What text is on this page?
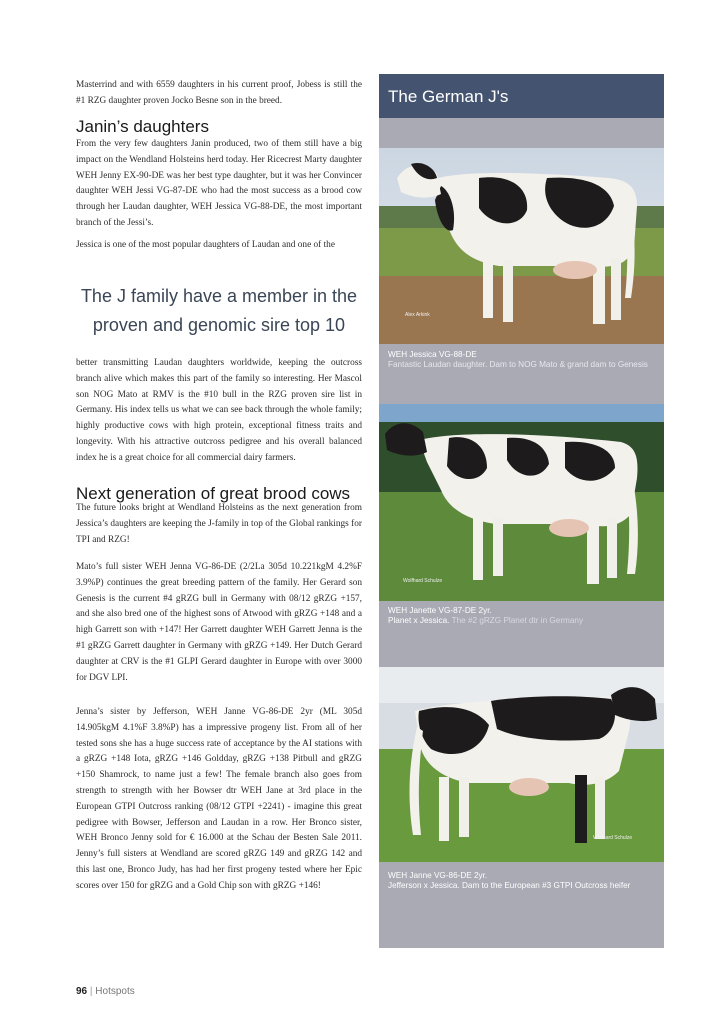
Masterrind and with 6559 daughters in his current proof, Jobess is still the #1 RZG daughter proven Jocko Besne son in the breed.

Janin’s daughters

From the very few daughters Janin produced, two of them still have a big impact on the Wendland Holsteins herd today. Her Ricecrest Marty daughter WEH Jenny EX-90-DE was her best type daughter, but it was her Convincer daughter WEH Jessi VG-87-DE who had the most success as a brood cow through her Laudan daughter, WEH Jessica VG-88-DE, the most important branch of the Jessi’s.

Jessica is one of the most popular daughters of Laudan and one of the

The J family have a member in the
proven and genomic sire top 10

better transmitting Laudan daughters worldwide, keeping the outcross branch alive which makes this part of the family so interesting. Her Mascol son NOG Mato at RMV is the #10 bull in the RZG proven sire list in Germany. His index tells us what we can see back through the whole family; highly productive cows with high protein, exceptional fitness traits and longevity. With his attractive outcross pedigree and his overall balanced index he is a great choice for all commercial dairy farmers.

Next generation of great brood cows

The future looks bright at Wendland Holsteins as the next generation from Jessica’s daughters are keeping the J-family in top of the Global rankings for TPI and RZG!

Mato’s full sister WEH Jenna VG-86-DE (2/2La 305d 10.221kgM 4.2%F 3.9%P) continues the great breeding pattern of the family. Her Gerard son Genesis is the current #4 gRZG bull in Germany with 08/12 gRZG +157, and she also bred one of the highest sons of Atwood with gRZG +148 and a high Garrett son with +147! Her Garrett daughter WEH Garrett Jenna is the #1 gRZG Garrett daughter in Germany with gRZG +149. Her Dutch Gerard daughter at CRV is the #1 GLPI Gerard daughter in Europe with over 3000 for DGV LPI.

Jenna’s sister by Jefferson, WEH Janne VG-86-DE 2yr (ML 305d 14.905kgM 4.1%F 3.8%P) has a impressive progeny list. From all of her tested sons she has a huge success rate of acceptance by the AI stations with a gRZG +148 Iota, gRZG +146 Goldday, gRZG +138 Pitbull and gRZG +150 Shamrock, to name just a few! The female branch also goes from strength to strength with her Bowser dtr WEH Jane at 3rd place in the European GTPI Outcross ranking (08/12 GTPI +2241) - imagine this great pedigree with Bowser, Jefferson and Laudan in a row. Her Bronco sister, WEH Bronco Jenny sold for € 16.000 at the Schau der Besten Sale 2011. Jenny’s full sisters at Wendland are scored gRZG 149 and gRZG 142 and this last one, Bronco Judy, has had her first progeny tested where her Epic scores over 150 for gRZG and a Gold Chip son with gRZG +146!

The German J's
Alex Arkink
WEH Jessica VG-88-DE
Fantastic Laudan daughter. Dam to NOG Mato & grand dam to Genesis
Wolfhard Schulze
WEH Janette VG-87-DE 2yr.
Planet x Jessica. The #2 gRZG Planet dtr in Germany
Wolfhard Schulze
WEH Janne VG-86-DE 2yr.
Jefferson x Jessica. Dam to the European #3 GTPI Outcross heifer
96 | Hotspots
